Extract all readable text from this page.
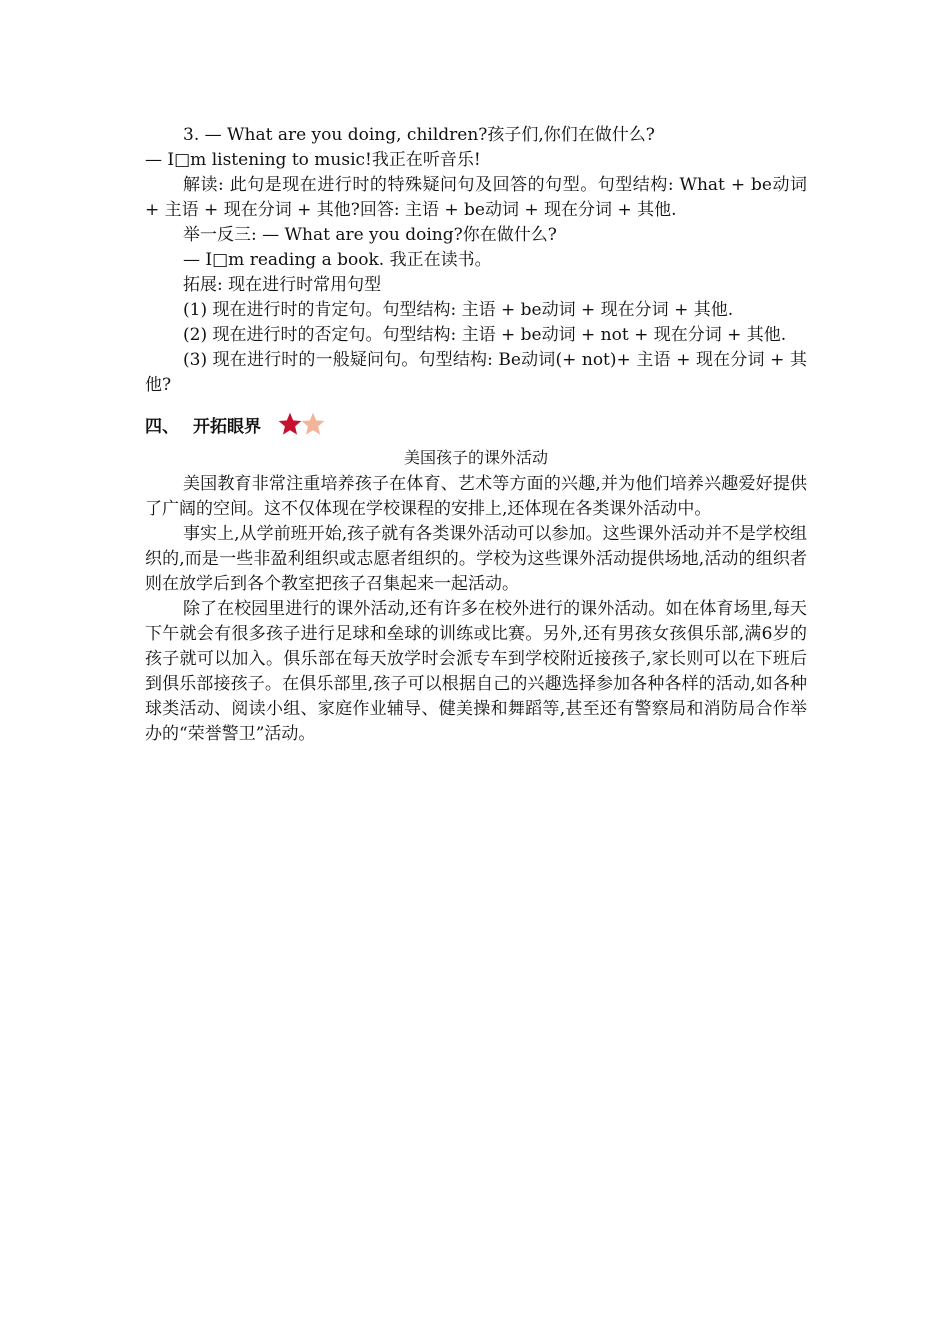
3. — What are you doing, children?孩子们,你们在做什么?

— I□m listening to music!我正在听音乐!

解读: 此句是现在进行时的特殊疑问句及回答的句型。句型结构: What + be动词 + 主语 + 现在分词 + 其他?回答: 主语 + be动词 + 现在分词 + 其他.

举一反三: — What are you doing?你在做什么?

— I□m reading a book. 我正在读书。

拓展: 现在进行时常用句型

(1) 现在进行时的肯定句。句型结构: 主语 + be动词 + 现在分词 + 其他.

(2) 现在进行时的否定句。句型结构: 主语 + be动词 + not + 现在分词 + 其他.

(3) 现在进行时的一般疑问句。句型结构: Be动词(+ not)+ 主语 + 现在分词 + 其他?

四、 开拓眼界
美国孩子的课外活动

美国教育非常注重培养孩子在体育、艺术等方面的兴趣,并为他们培养兴趣爱好提供了广阔的空间。这不仅体现在学校课程的安排上,还体现在各类课外活动中。

事实上,从学前班开始,孩子就有各类课外活动可以参加。这些课外活动并不是学校组织的,而是一些非盈利组织或志愿者组织的。学校为这些课外活动提供场地,活动的组织者则在放学后到各个教室把孩子召集起来一起活动。

除了在校园里进行的课外活动,还有许多在校外进行的课外活动。如在体育场里,每天下午就会有很多孩子进行足球和垒球的训练或比赛。另外,还有男孩女孩俱乐部,满6岁的孩子就可以加入。俱乐部在每天放学时会派专车到学校附近接孩子,家长则可以在下班后到俱乐部接孩子。在俱乐部里,孩子可以根据自己的兴趣选择参加各种各样的活动,如各种球类活动、阅读小组、家庭作业辅导、健美操和舞蹈等,甚至还有警察局和消防局合作举办的“荣誉警卫”活动。
